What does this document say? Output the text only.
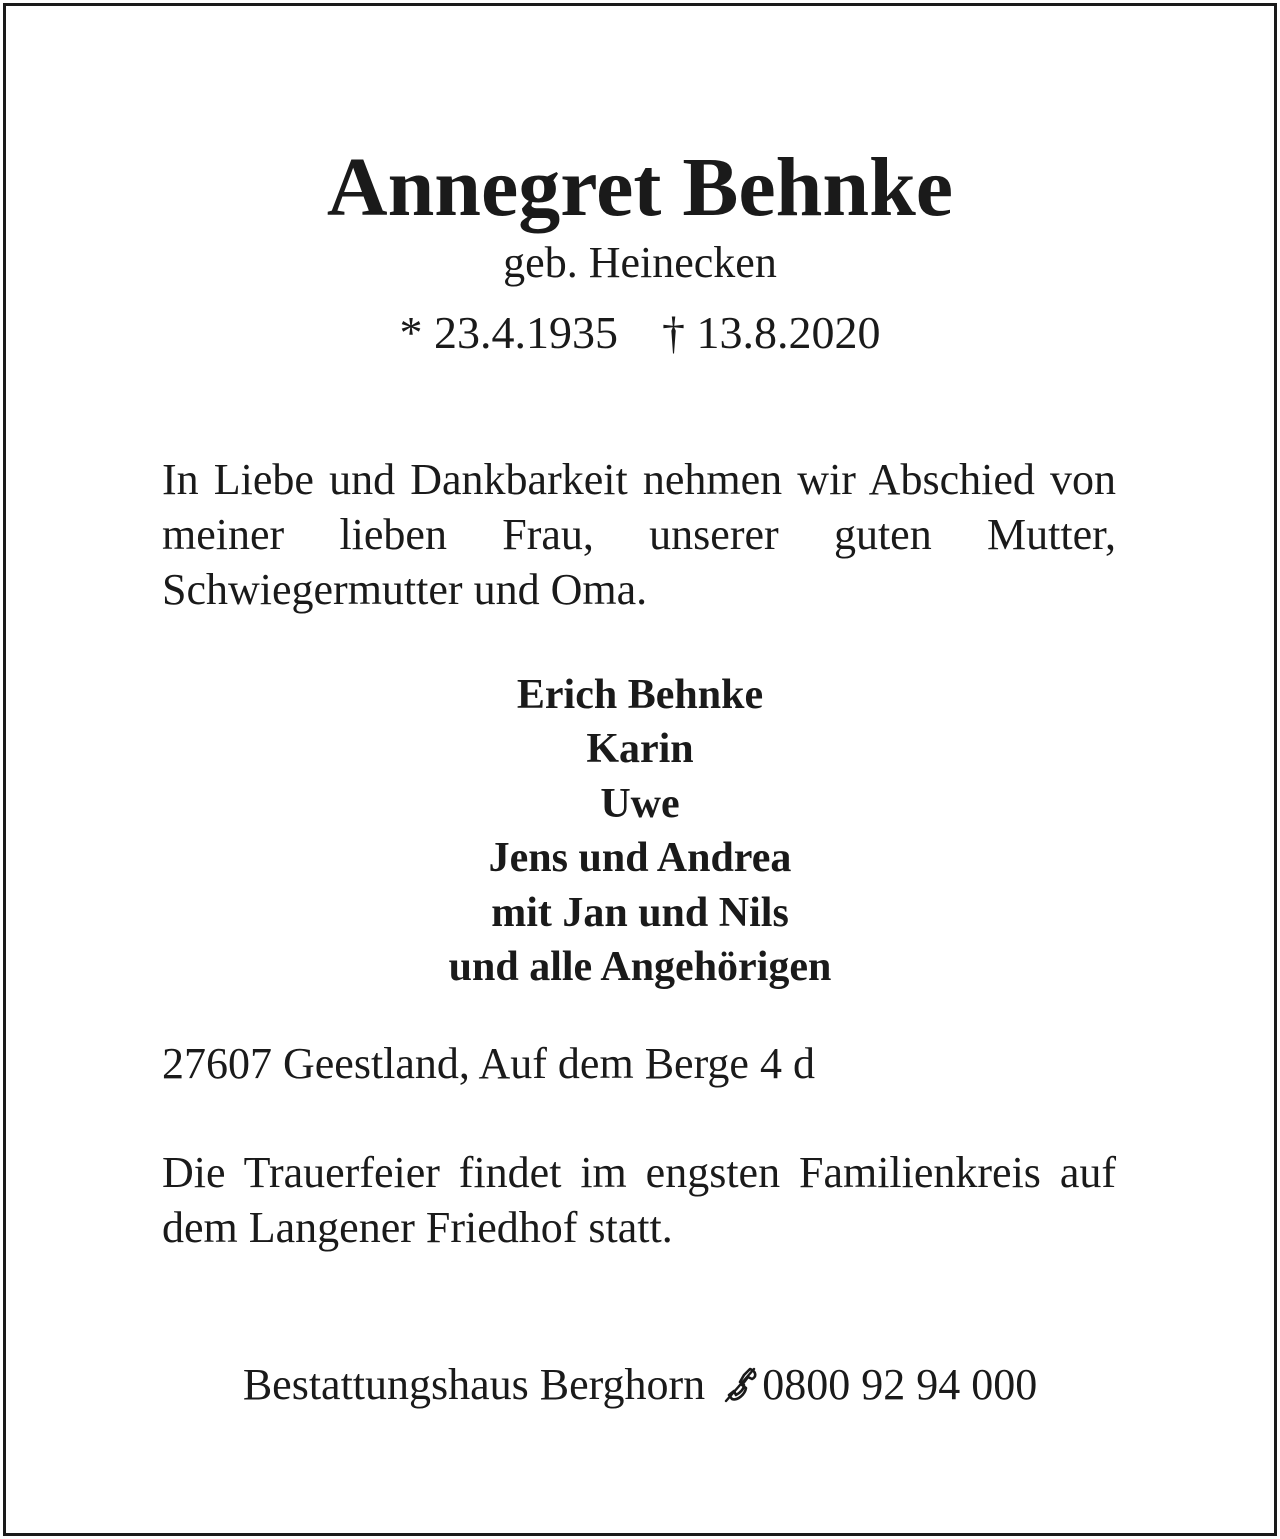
Annegret Behnke

geb. Heinecken

* 23.4.1935 † 13.8.2020

In Liebe und Dankbarkeit nehmen wir Abschied von meiner lieben Frau, unserer guten Mutter, Schwiegermutter und Oma.

Erich Behnke
Karin
Uwe
Jens und Andrea
mit Jan und Nils
und alle Angehörigen

27607 Geestland, Auf dem Berge 4 d

Die Trauerfeier findet im engsten Familienkreis auf dem Langener Friedhof statt.

Bestattungshaus Berghorn 0800 92 94 000
